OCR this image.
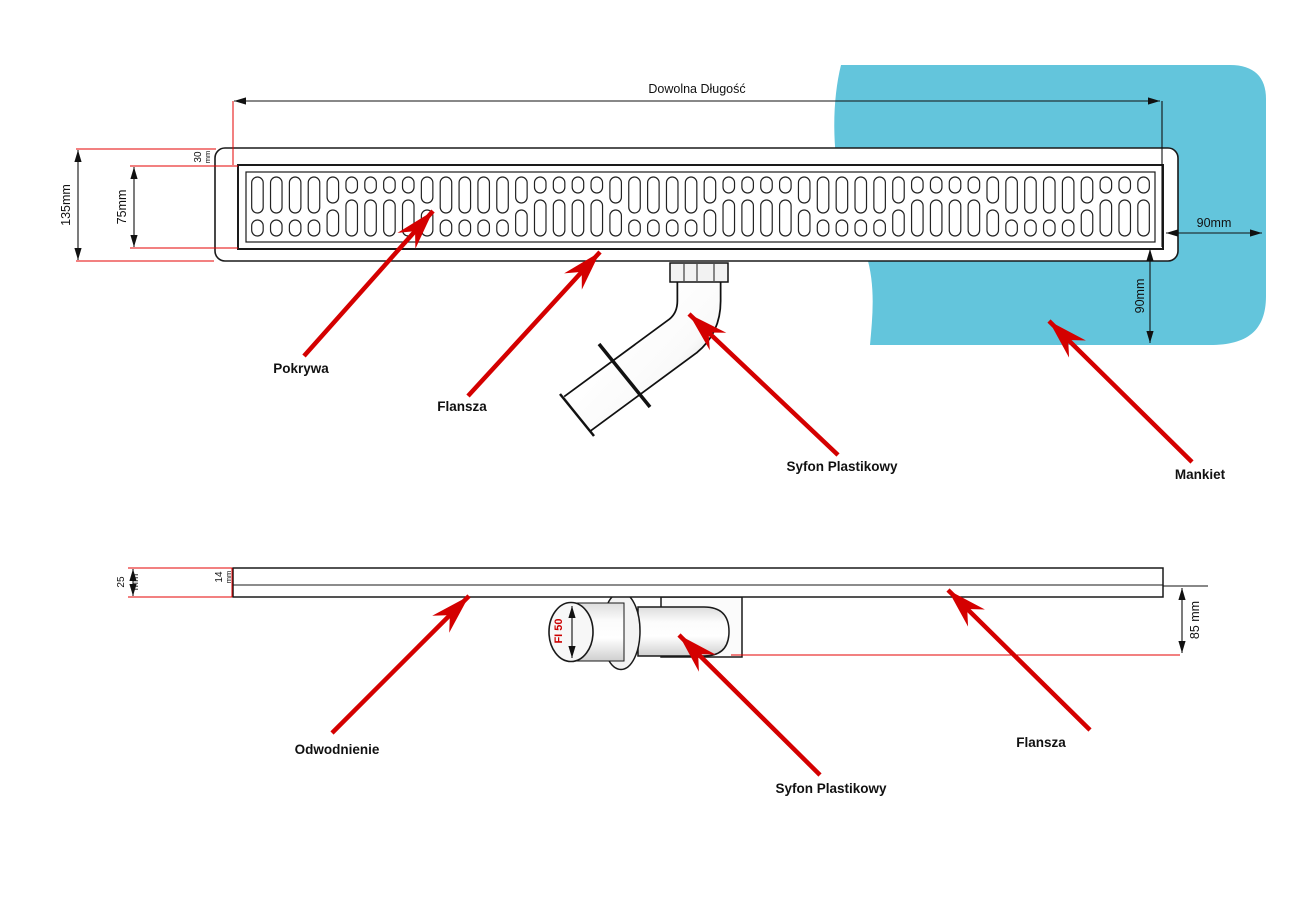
Dowolna Długość
135mm	75mm
30 mm
90mm
90mm
Pokrywa
Flansza
Syfon Plastikowy
Mankiet
FI 50
25 mm	14 mm
85 mm
Odwodnienie
Syfon Plastikowy
Flansza
